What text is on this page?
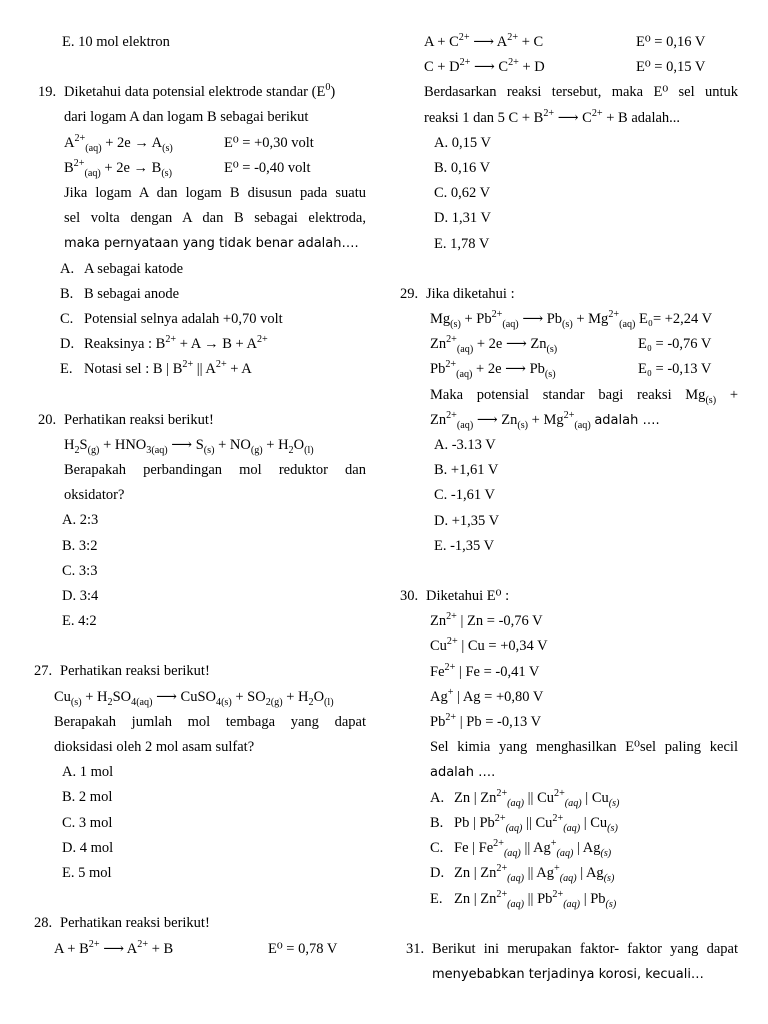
E. 10 mol elektron
19. Diketahui data potensial elektrode standar $(E^0)$
dari logam A dan logam B sebagai berikut
$A^{2+}_{(aq)} + 2e \to A_{(s)}$	E⁰ = +0,30 volt
$B^{2+}_{(aq)} + 2e \to B_{(s)}$	E⁰ = -0,40 volt
Jika logam A dan logam B disusun pada suatu
sel volta dengan A dan B sebagai elektroda,
maka pernyataan yang tidak benar adalah….
A. A sebagai katode
B. B sebagai anode
C. Potensial selnya adalah +0,70 volt
D. Reaksinya : $B^{2+} + A \to B + A^{2+}$
E. Notasi sel : B | $B^{2+}$ || $A^{2+} + A$
20. Perhatikan reaksi berikut!
$H_2S_{(g)} + HNO_{3(aq)}$ ⟶ $S_{(s)} + NO_{(g)} + H_2O_{(l)}$
Berapakah perbandingan mol reduktor dan
oksidator?
A. 2:3
B. 3:2
C. 3:3
D. 3:4
E. 4:2
27. Perhatikan reaksi berikut!
$Cu_{(s)} + H_2SO_{4(aq)}$ ⟶ CuSO$_{4(s)}$ + $SO_{2(g)} + H_2O_{(l)}$
Berapakah jumlah mol tembaga yang dapat
dioksidasi oleh 2 mol asam sulfat?
A. 1 mol
B. 2 mol
C. 3 mol
D. 4 mol
E. 5 mol
28. Perhatikan reaksi berikut!
$A + B^{2+}$ ⟶ $A^{2+} + B$	E⁰ = 0,78 V
$A + C^{2+}$ ⟶ $A^{2+} + C$	E⁰ = 0,16 V
$C + D^{2+}$ ⟶ $C^{2+} + D$	E⁰ = 0,15 V
Berdasarkan reaksi tersebut, maka E⁰ sel untuk
reaksi 1 dan 5 $C + B^{2+}$ ⟶ $C^{2+} + B$ adalah...
A. 0,15 V
B. 0,16 V
C. 0,62 V
D. 1,31 V
E. 1,78 V
29. Jika diketahui :
$Mg_{(s)} + Pb^{2+}_{(aq)}$ ⟶ $Pb_{(s)} + Mg^{2+}_{(aq)}$ E₀= +2,24 V
$Zn^{2+}_{(aq)} + 2e$ ⟶ $Zn_{(s)}$	E₀ = -0,76 V
$Pb^{2+}_{(aq)} + 2e$ ⟶ $Pb_{(s)}$	E₀ = -0,13 V
Maka potensial standar bagi reaksi $Mg_{(s)}$ +
$Zn^{2+}_{(aq)}$ ⟶ $Zn_{(s)} + Mg^{2+}_{(aq)}$ adalah ….
A. -3.13 V
B. +1,61 V
C. -1,61 V
D. +1,35 V
E. -1,35 V
30. Diketahui E⁰ :
$Zn^{2+}$ | Zn = -0,76 V
$Cu^{2+}$ | Cu = +0,34 V
$Fe^{2+}$ | Fe = -0,41 V
Ag+ | Ag = +0,80 V
$Pb^{2+}$ | Pb = -0,13 V
Sel kimia yang menghasilkan E⁰sel paling kecil
adalah ….
A. Zn | $Zn^{2+}_{(aq)}$ || $Cu^{2+}_{(aq)}$ | $Cu_{(s)}$
B. Pb | $Pb^{2+}_{(aq)}$ || $Cu^{2+}_{(aq)}$ | $Cu_{(s)}$
C. Fe | $Fe^{2+}_{(aq)}$ || $Ag^+_{(aq)}$ | $Ag_{(s)}$
D. Zn | $Zn^{2+}_{(aq)}$ || $Ag^+_{(aq)}$ | $Ag_{(s)}$
E. Zn | $Zn^{2+}_{(aq)}$ || $Pb^{2+}_{(aq)}$ | $Pb_{(s)}$
31. Berikut ini merupakan faktor- faktor yang dapat
menyebabkan terjadinya korosi, kecuali…
